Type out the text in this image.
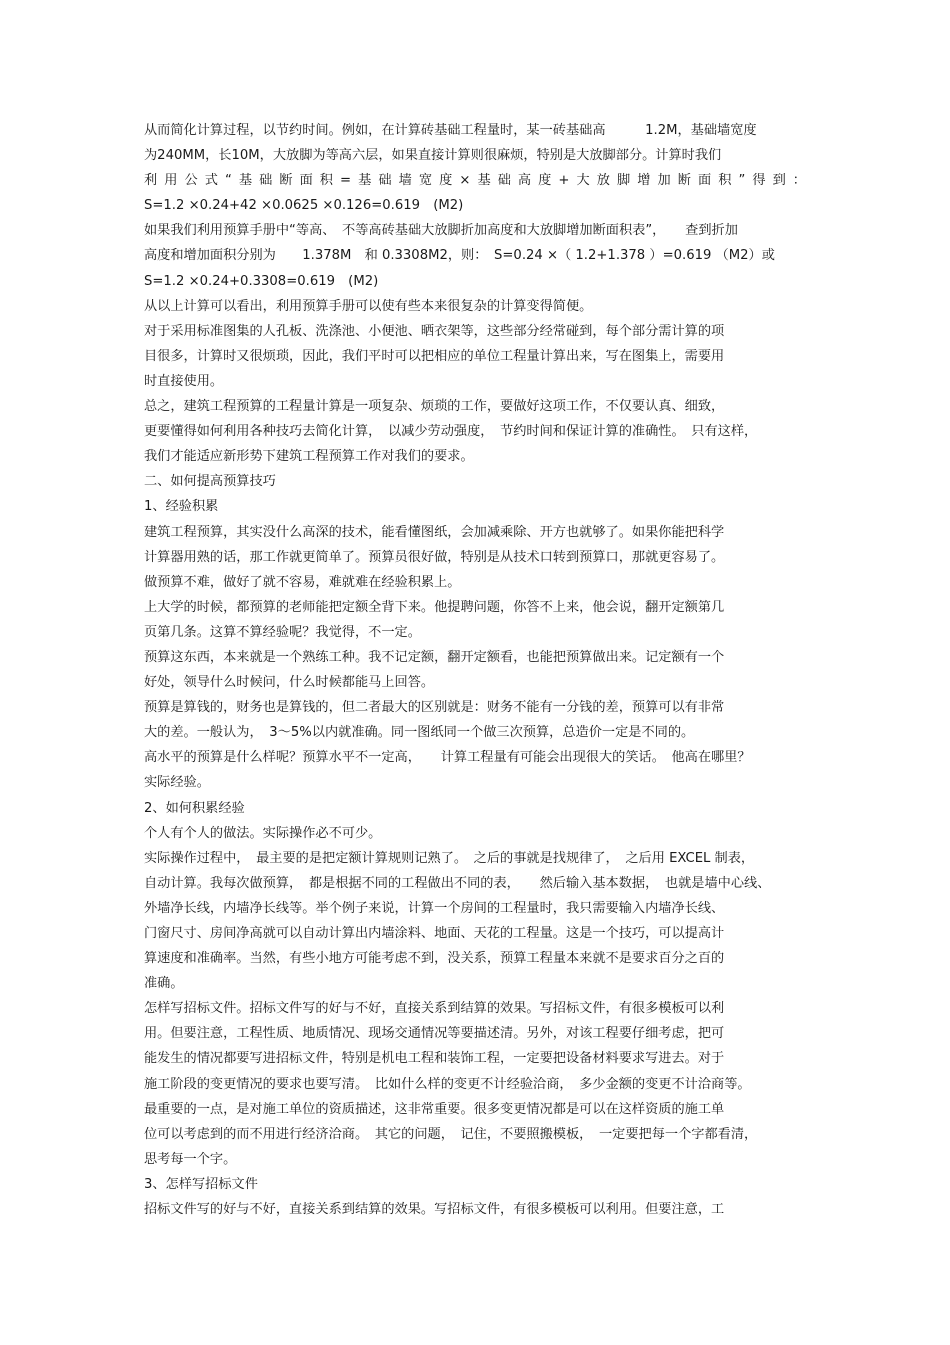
从而简化计算过程，以节约时间。例如，在计算砖基础工程量时，某一砖基础高　　　1.2M，基础墙宽度
为240MM，长10M，大放脚为等高六层，如果直接计算则很麻烦，特别是大放脚部分。计算时我们
利用公式“基础断面积=基础墙宽度×基础高度+大放脚增加断面积”得到：
S=1.2 ×0.24+42 ×0.0625 ×0.126=0.619　(M2)
如果我们利用预算手册中“等高、　不等高砖基础大放脚折加高度和大放脚增加断面积表”，　　查到折加
高度和增加面积分别为　　1.378M　和 0.3308M2，则：　S=0.24 ×（ 1.2+1.378 ）=0.619 （M2）或
S=1.2 ×0.24+0.3308=0.619　(M2)
从以上计算可以看出，利用预算手册可以使有些本来很复杂的计算变得简便。
对于采用标准图集的人孔板、洗涤池、小便池、晒衣架等，这些部分经常碰到，每个部分需计算的项
目很多，计算时又很烦琐，因此，我们平时可以把相应的单位工程量计算出来，写在图集上，需要用
时直接使用。
总之，建筑工程预算的工程量计算是一项复杂、烦琐的工作，要做好这项工作，不仅要认真、细致，
更要懂得如何利用各种技巧去简化计算，　以减少劳动强度，　节约时间和保证计算的准确性。　只有这样，
我们才能适应新形势下建筑工程预算工作对我们的要求。
二、如何提高预算技巧
1、经验积累
建筑工程预算，其实没什么高深的技术，能看懂图纸，会加减乘除、开方也就够了。如果你能把科学
计算器用熟的话，那工作就更简单了。预算员很好做，特别是从技术口转到预算口，那就更容易了。
做预算不难，做好了就不容易，难就难在经验积累上。
上大学的时候，都预算的老师能把定额全背下来。他提聘问题，你答不上来，他会说，翻开定额第几
页第几条。这算不算经验呢？我觉得，不一定。
预算这东西，本来就是一个熟练工种。我不记定额，翻开定额看，也能把预算做出来。记定额有一个
好处，领导什么时候问，什么时候都能马上回答。
预算是算钱的，财务也是算钱的，但二者最大的区别就是：财务不能有一分钱的差，预算可以有非常
大的差。一般认为，　3～5%以内就准确。同一图纸同一个做三次预算，总造价一定是不同的。
高水平的预算是什么样呢？预算水平不一定高，　　计算工程量有可能会出现很大的笑话。　他高在哪里？
实际经验。
2、如何积累经验
个人有个人的做法。实际操作必不可少。
实际操作过程中，　最主要的是把定额计算规则记熟了。　之后的事就是找规律了，　之后用 EXCEL 制表，
自动计算。我每次做预算，　都是根据不同的工程做出不同的表，　　然后输入基本数据，　也就是墙中心线、
外墙净长线，内墙净长线等。举个例子来说，计算一个房间的工程量时，我只需要输入内墙净长线、
门窗尺寸、房间净高就可以自动计算出内墙涂料、地面、天花的工程量。这是一个技巧，可以提高计
算速度和准确率。当然，有些小地方可能考虑不到，没关系，预算工程量本来就不是要求百分之百的
准确。
怎样写招标文件。招标文件写的好与不好，直接关系到结算的效果。写招标文件，有很多模板可以利
用。但要注意，工程性质、地质情况、现场交通情况等要描述清。另外，对该工程要仔细考虑，把可
能发生的情况都要写进招标文件，特别是机电工程和装饰工程，一定要把设备材料要求写进去。对于
施工阶段的变更情况的要求也要写清。　比如什么样的变更不计经验洽商，　多少金额的变更不计洽商等。
最重要的一点，是对施工单位的资质描述，这非常重要。很多变更情况都是可以在这样资质的施工单
位可以考虑到的而不用进行经济洽商。　其它的问题，　记住，不要照搬模板，　一定要把每一个字都看清，
思考每一个字。
3、怎样写招标文件
招标文件写的好与不好，直接关系到结算的效果。写招标文件，有很多模板可以利用。但要注意，工
